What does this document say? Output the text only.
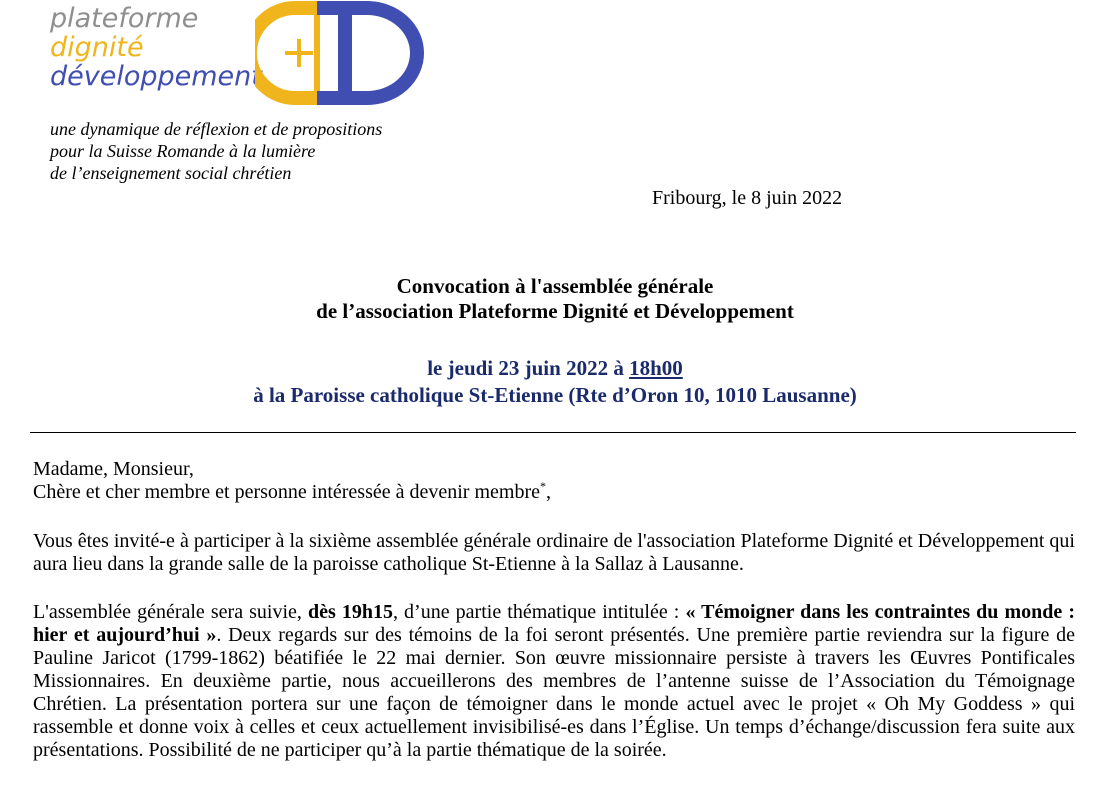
plateforme
dignité
développement
une dynamique de réflexion et de propositions
pour la Suisse Romande à la lumière
de l’enseignement social chrétien
Fribourg, le 8 juin 2022
Convocation à l'assemblée générale
de l’association Plateforme Dignité et Développement
le jeudi 23 juin 2022 à 18h00
à la Paroisse catholique St-Etienne (Rte d’Oron 10, 1010 Lausanne)
Madame, Monsieur,
Chère et cher membre et personne intéressée à devenir membre*,
Vous êtes invité-e à participer à la sixième assemblée générale ordinaire de l'association Plateforme Dignité et Développement qui aura lieu dans la grande salle de la paroisse catholique St-Etienne à la Sallaz à Lausanne.
L'assemblée générale sera suivie, dès 19h15, d’une partie thématique intitulée : « Témoigner dans les contraintes du monde : hier et aujourd’hui ». Deux regards sur des témoins de la foi seront présentés. Une première partie reviendra sur la figure de Pauline Jaricot (1799-1862) béatifiée le 22 mai dernier. Son œuvre missionnaire persiste à travers les Œuvres Pontificales Missionnaires. En deuxième partie, nous accueillerons des membres de l’antenne suisse de l’Association du Témoignage Chrétien. La présentation portera sur une façon de témoigner dans le monde actuel avec le projet « Oh My Goddess » qui rassemble et donne voix à celles et ceux actuellement invisibilisé-es dans l’Église. Un temps d’échange/discussion fera suite aux présentations. Possibilité de ne participer qu’à la partie thématique de la soirée.
